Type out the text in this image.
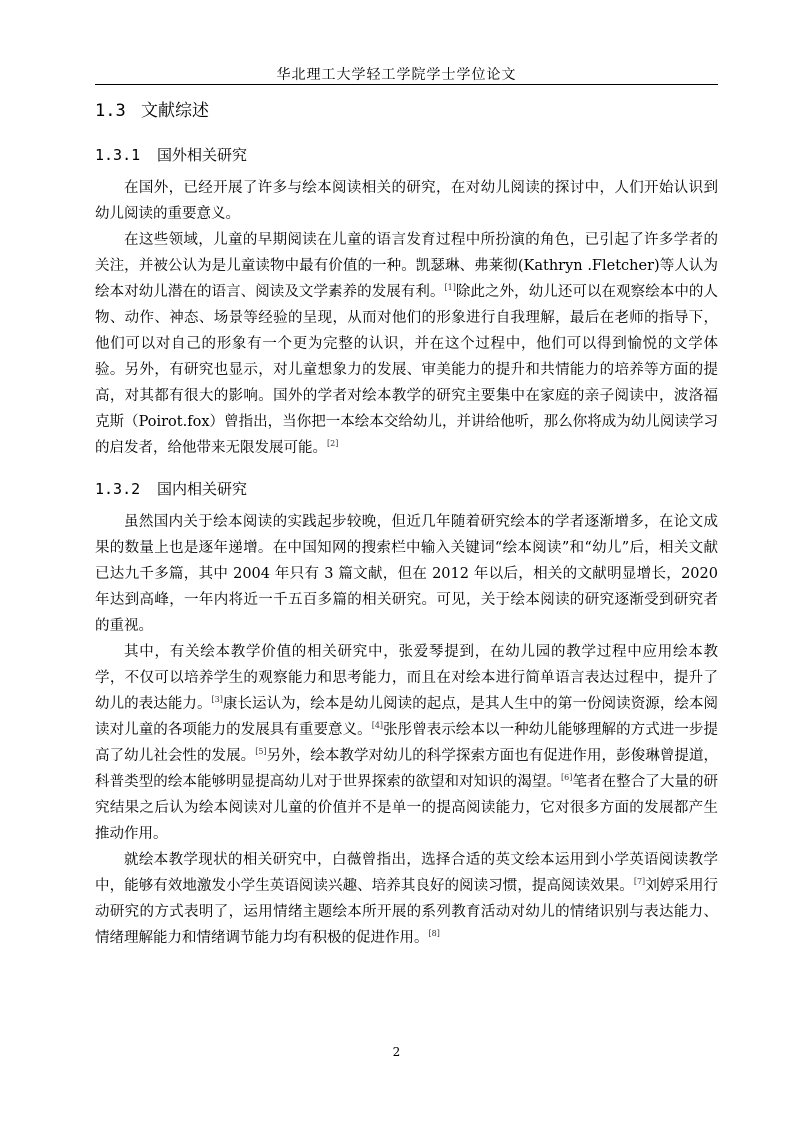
华北理工大学轻工学院学士学位论文
1.3 文献综述
1.3.1 国外相关研究

在国外，已经开展了许多与绘本阅读相关的研究，在对幼儿阅读的探讨中，人们开始认识到幼儿阅读的重要意义。

在这些领域，儿童的早期阅读在儿童的语言发育过程中所扮演的角色，已引起了许多学者的关注，并被公认为是儿童读物中最有价值的一种。凯瑟琳、弗莱彻(Kathryn .Fletcher)等人认为绘本对幼儿潜在的语言、阅读及文学素养的发展有利。[1]除此之外，幼儿还可以在观察绘本中的人物、动作、神态、场景等经验的呈现，从而对他们的形象进行自我理解，最后在老师的指导下，他们可以对自己的形象有一个更为完整的认识，并在这个过程中，他们可以得到愉悦的文学体验。另外，有研究也显示，对儿童想象力的发展、审美能力的提升和共情能力的培养等方面的提高，对其都有很大的影响。国外的学者对绘本教学的研究主要集中在家庭的亲子阅读中，波洛福克斯（Poirot.fox）曾指出，当你把一本绘本交给幼儿，并讲给他听，那么你将成为幼儿阅读学习的启发者，给他带来无限发展可能。[2]

1.3.2 国内相关研究

虽然国内关于绘本阅读的实践起步较晚，但近几年随着研究绘本的学者逐渐增多，在论文成果的数量上也是逐年递增。在中国知网的搜索栏中输入关键词“绘本阅读”和“幼儿”后，相关文献已达九千多篇，其中 2004 年只有 3 篇文献，但在 2012 年以后，相关的文献明显增长，2020 年达到高峰，一年内将近一千五百多篇的相关研究。可见，关于绘本阅读的研究逐渐受到研究者的重视。

其中，有关绘本教学价值的相关研究中，张爱琴提到，在幼儿园的教学过程中应用绘本教学，不仅可以培养学生的观察能力和思考能力，而且在对绘本进行简单语言表达过程中，提升了幼儿的表达能力。[3]康长运认为，绘本是幼儿阅读的起点，是其人生中的第一份阅读资源，绘本阅读对儿童的各项能力的发展具有重要意义。[4]张彤曾表示绘本以一种幼儿能够理解的方式进一步提高了幼儿社会性的发展。[5]另外，绘本教学对幼儿的科学探索方面也有促进作用，彭俊琳曾提道，科普类型的绘本能够明显提高幼儿对于世界探索的欲望和对知识的渴望。[6]笔者在整合了大量的研究结果之后认为绘本阅读对儿童的价值并不是单一的提高阅读能力，它对很多方面的发展都产生推动作用。

就绘本教学现状的相关研究中，白薇曾指出，选择合适的英文绘本运用到小学英语阅读教学中，能够有效地激发小学生英语阅读兴趣、培养其良好的阅读习惯，提高阅读效果。[7]刘婷采用行动研究的方式表明了，运用情绪主题绘本所开展的系列教育活动对幼儿的情绪识别与表达能力、情绪理解能力和情绪调节能力均有积极的促进作用。[8]

2
